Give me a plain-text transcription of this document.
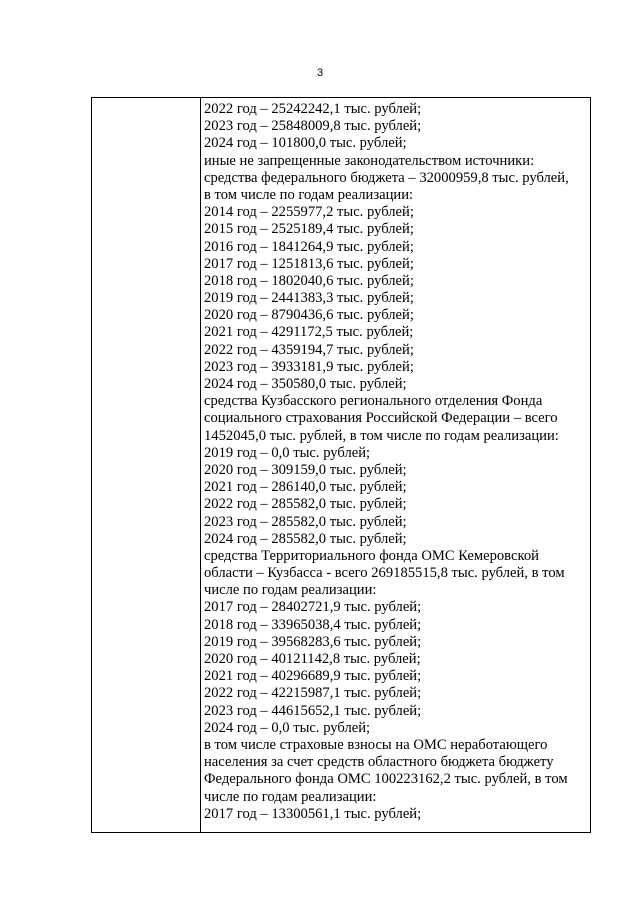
3
2022 год – 25242242,1 тыс. рублей;
2023 год – 25848009,8 тыс. рублей;
2024 год – 101800,0 тыс. рублей;
иные не запрещенные законодательством источники:
средства федерального бюджета – 32000959,8 тыс. рублей,
в том числе по годам реализации:
2014 год – 2255977,2 тыс. рублей;
2015 год – 2525189,4 тыс. рублей;
2016 год – 1841264,9 тыс. рублей;
2017 год – 1251813,6 тыс. рублей;
2018 год – 1802040,6 тыс. рублей;
2019 год – 2441383,3 тыс. рублей;
2020 год – 8790436,6 тыс. рублей;
2021 год – 4291172,5 тыс. рублей;
2022 год – 4359194,7 тыс. рублей;
2023 год – 3933181,9 тыс. рублей;
2024 год – 350580,0 тыс. рублей;
средства Кузбасского регионального отделения Фонда
социального страхования Российской Федерации – всего
1452045,0 тыс. рублей, в том числе по годам реализации:
2019 год – 0,0 тыс. рублей;
2020 год – 309159,0 тыс. рублей;
2021 год – 286140,0 тыс. рублей;
2022 год – 285582,0 тыс. рублей;
2023 год – 285582,0 тыс. рублей;
2024 год – 285582,0 тыс. рублей;
средства Территориального фонда ОМС Кемеровской
области – Кузбасса - всего 269185515,8 тыс. рублей, в том
числе по годам реализации:
2017 год – 28402721,9 тыс. рублей;
2018 год – 33965038,4 тыс. рублей;
2019 год – 39568283,6 тыс. рублей;
2020 год – 40121142,8 тыс. рублей;
2021 год – 40296689,9 тыс. рублей;
2022 год – 42215987,1 тыс. рублей;
2023 год – 44615652,1 тыс. рублей;
2024 год – 0,0 тыс. рублей;
в том числе страховые взносы на ОМС неработающего
населения за счет средств областного бюджета бюджету
Федерального фонда ОМС 100223162,2 тыс. рублей, в том
числе по годам реализации:
2017 год – 13300561,1 тыс. рублей;
